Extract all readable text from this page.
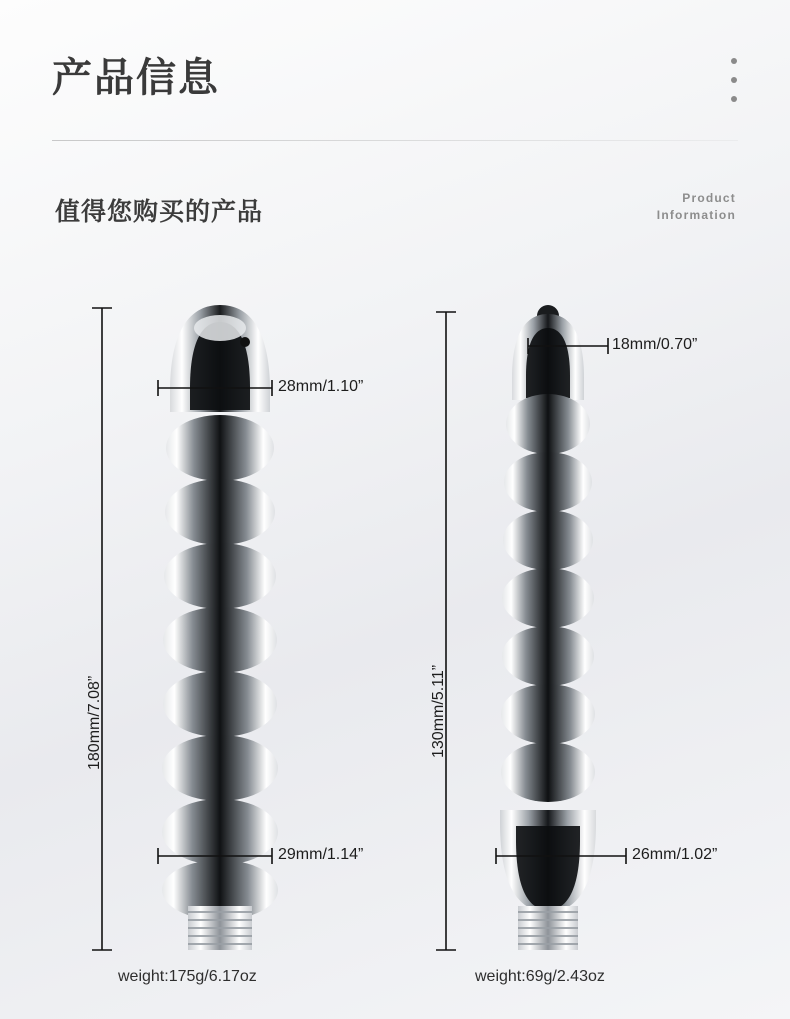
产品信息
值得您购买的产品	Product
Information
180mm/7.08”
28mm/1.10”
29mm/1.14”
weight:175g/6.17oz
130mm/5.11”
18mm/0.70”
26mm/1.02”
weight:69g/2.43oz
